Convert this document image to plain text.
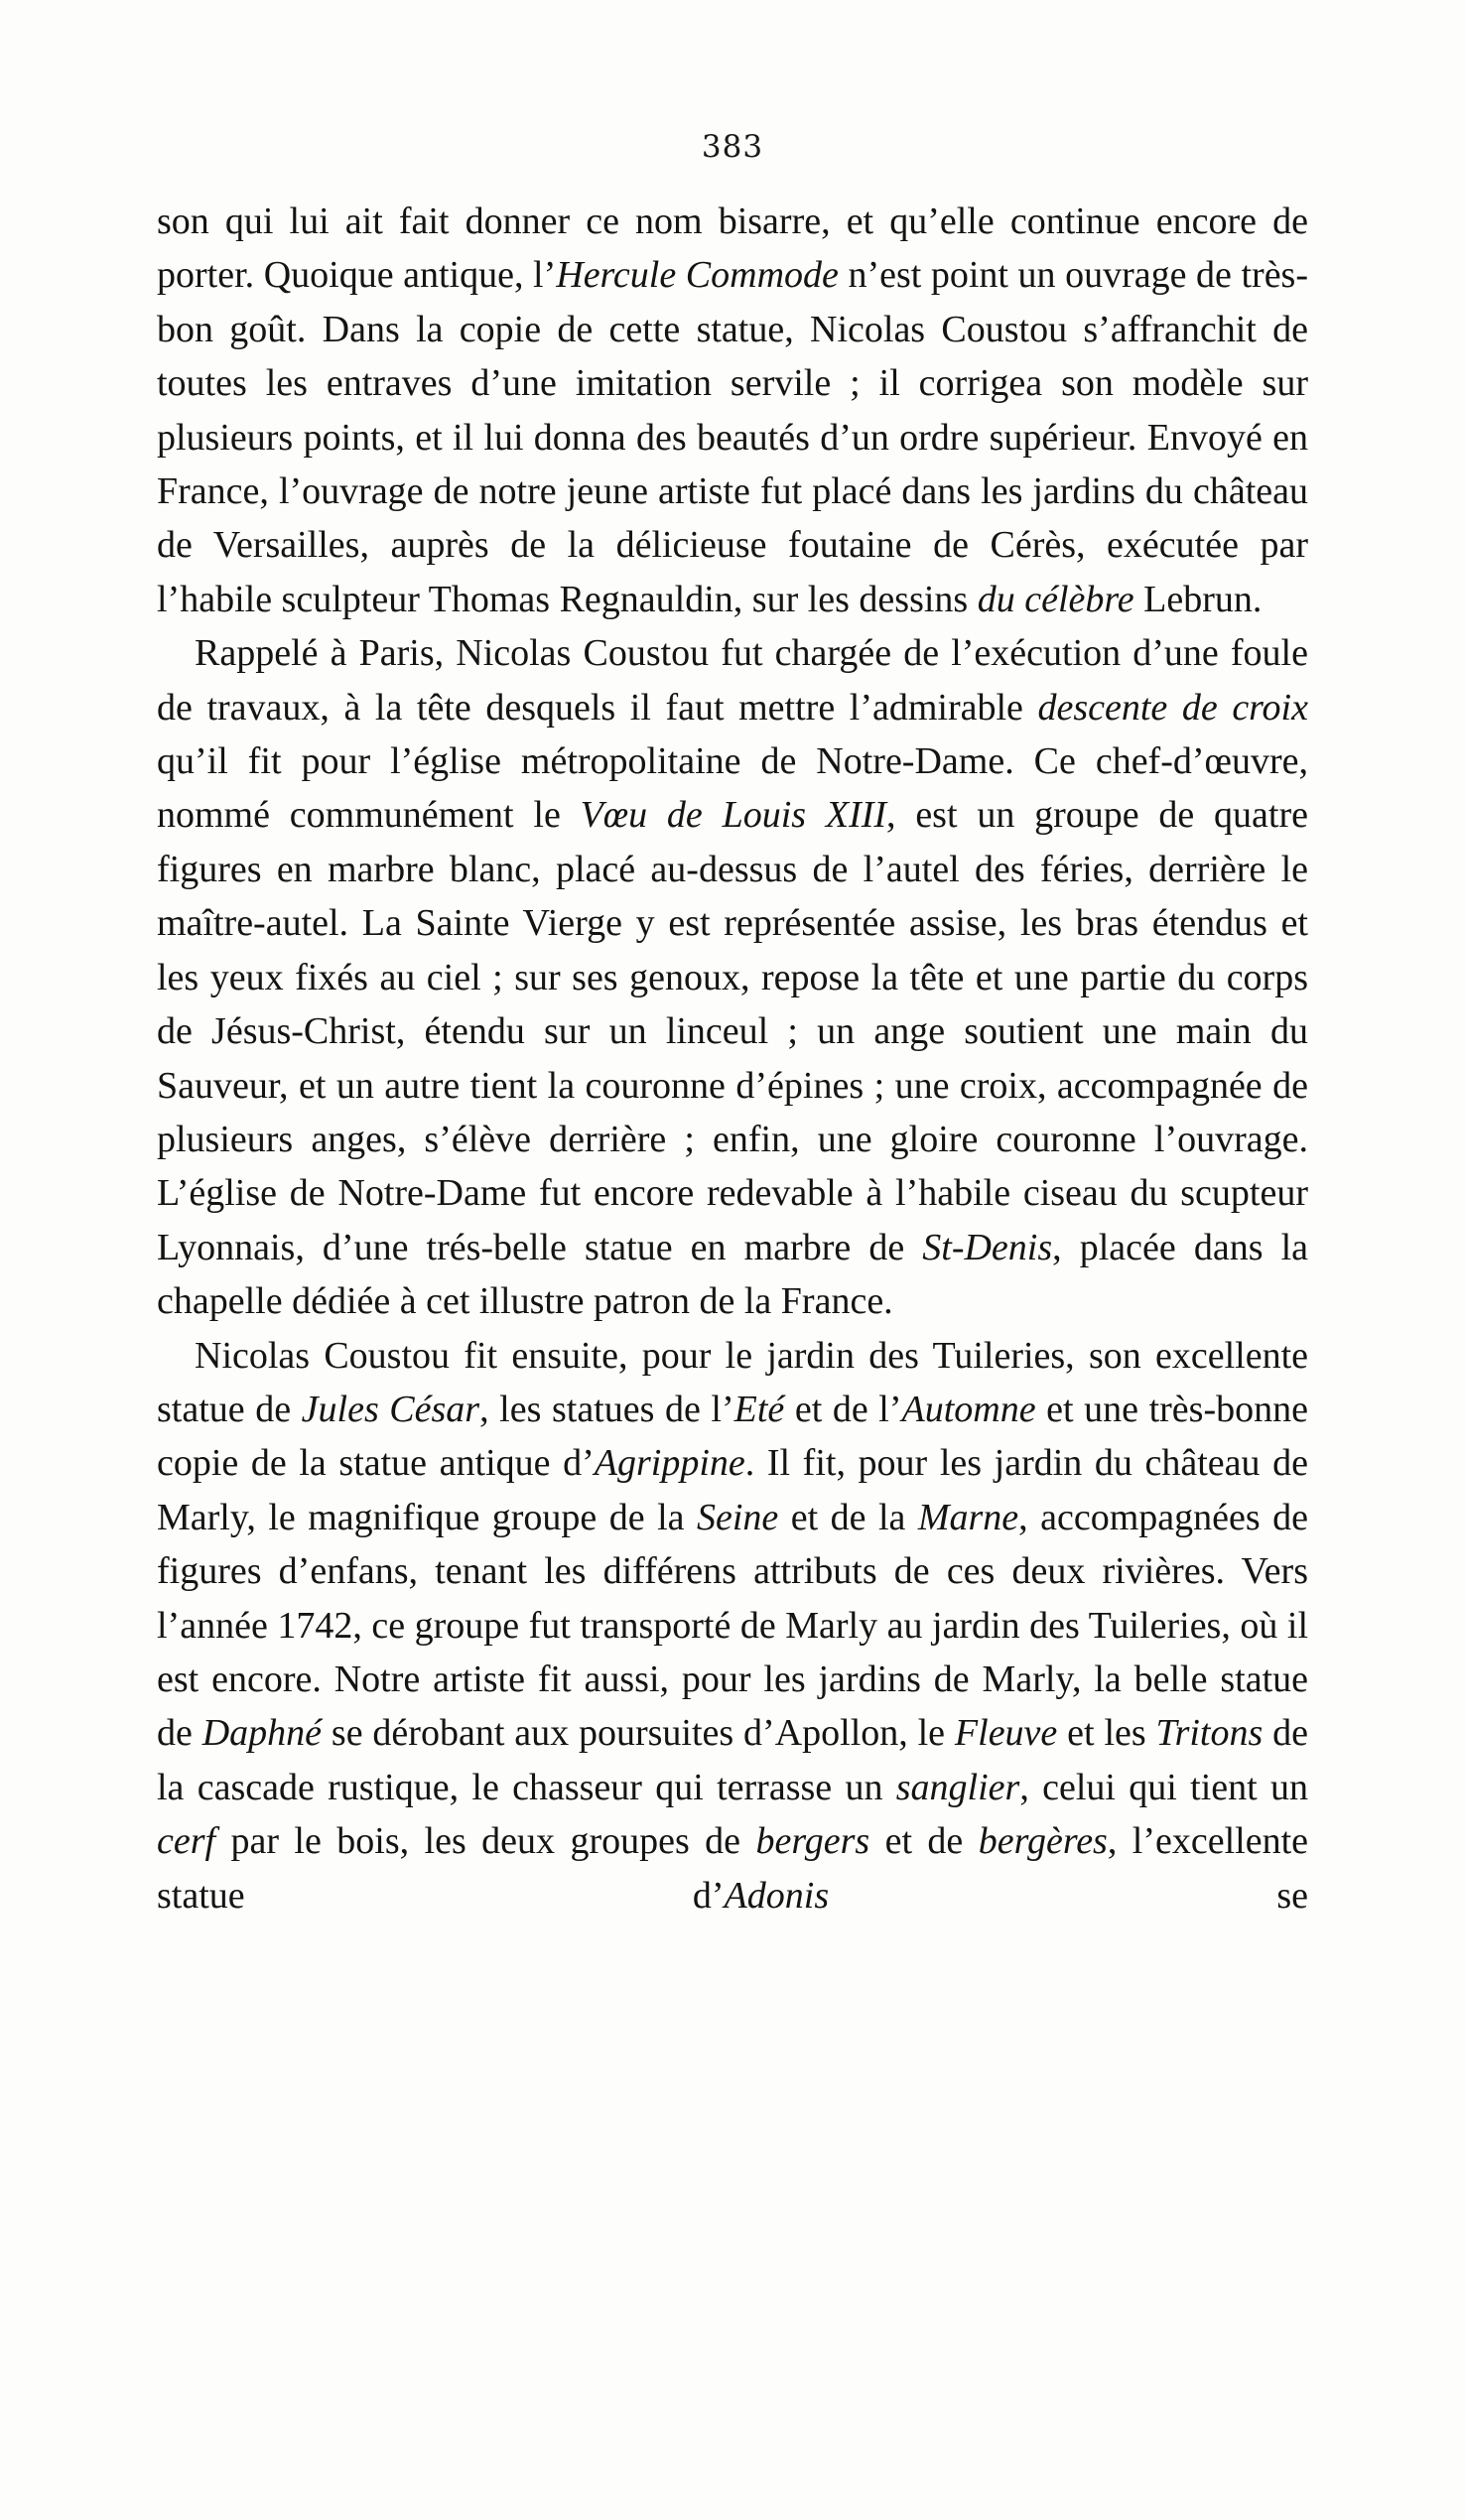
383

son qui lui ait fait donner ce nom bisarre, et qu’elle continue encore de porter. Quoique antique, l’Hercule Commode n’est point un ouvrage de très-bon goût. Dans la copie de cette statue, Nicolas Coustou s’affranchit de toutes les entraves d’une imitation servile ; il corrigea son modèle sur plusieurs points, et il lui donna des beautés d’un ordre supérieur. Envoyé en France, l’ouvrage de notre jeune artiste fut placé dans les jardins du château de Versailles, auprès de la délicieuse foutaine de Cérès, exécutée par l’habile sculpteur Thomas Regnauldin, sur les dessins du célèbre Lebrun.

Rappelé à Paris, Nicolas Coustou fut chargée de l’exécution d’une foule de travaux, à la tête desquels il faut mettre l’admirable descente de croix qu’il fit pour l’église métropolitaine de Notre-Dame. Ce chef-d’œuvre, nommé communément le Vœu de Louis XIII, est un groupe de quatre figures en marbre blanc, placé au-dessus de l’autel des féries, derrière le maître-autel. La Sainte Vierge y est représentée assise, les bras étendus et les yeux fixés au ciel ; sur ses genoux, repose la tête et une partie du corps de Jésus-Christ, étendu sur un linceul ; un ange soutient une main du Sauveur, et un autre tient la couronne d’épines ; une croix, accompagnée de plusieurs anges, s’élève derrière ; enfin, une gloire couronne l’ouvrage. L’église de Notre-Dame fut encore redevable à l’habile ciseau du scupteur Lyonnais, d’une trés-belle statue en marbre de St-Denis, placée dans la chapelle dédiée à cet illustre patron de la France.

Nicolas Coustou fit ensuite, pour le jardin des Tuileries, son excellente statue de Jules César, les statues de l’Eté et de l’Automne et une très-bonne copie de la statue antique d’Agrippine. Il fit, pour les jardin du château de Marly, le magnifique groupe de la Seine et de la Marne, accompagnées de figures d’enfans, tenant les différens attributs de ces deux rivières. Vers l’année 1742, ce groupe fut transporté de Marly au jardin des Tuileries, où il est encore. Notre artiste fit aussi, pour les jardins de Marly, la belle statue de Daphné se dérobant aux poursuites d’Apollon, le Fleuve et les Tritons de la cascade rustique, le chasseur qui terrasse un sanglier, celui qui tient un cerf par le bois, les deux groupes de bergers et de bergères, l’excellente statue d’Adonis se
